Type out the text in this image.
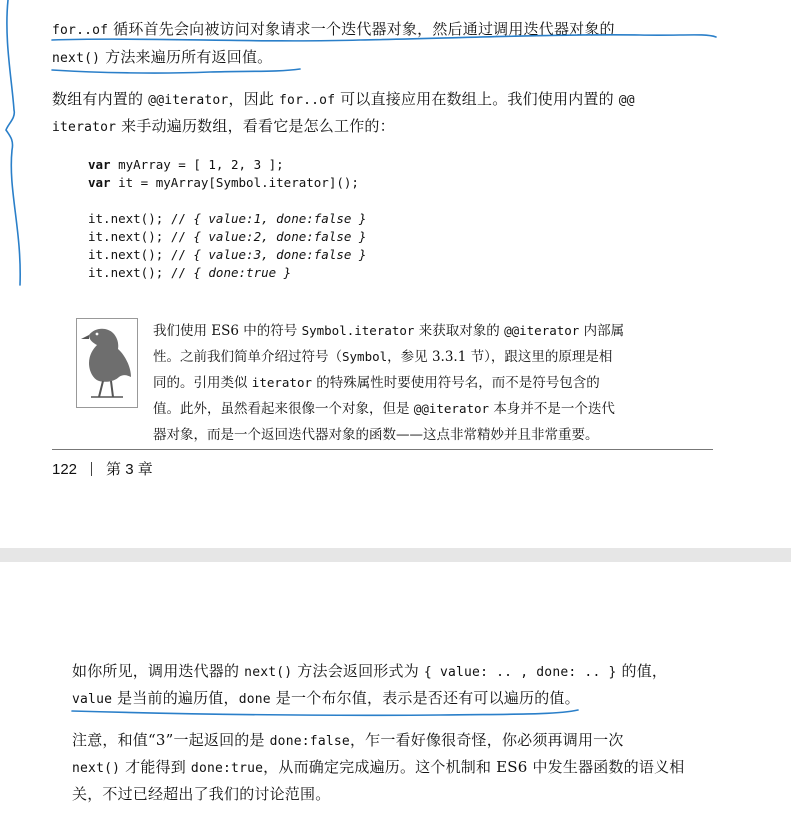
for..of 循环首先会向被访问对象请求一个迭代器对象，然后通过调用迭代器对象的
next() 方法来遍历所有返回值。
数组有内置的 @@iterator，因此 for..of 可以直接应用在数组上。我们使用内置的 @@
iterator 来手动遍历数组，看看它是怎么工作的：
var myArray = [ 1, 2, 3 ];
var it = myArray[Symbol.iterator]();
it.next(); // { value:1, done:false }
it.next(); // { value:2, done:false }
it.next(); // { value:3, done:false }
it.next(); // { done:true }
我们使用 ES6 中的符号 Symbol.iterator 来获取对象的 @@iterator 内部属
性。之前我们简单介绍过符号（Symbol，参见 3.3.1 节），跟这里的原理是相
同的。引用类似 iterator 的特殊属性时要使用符号名，而不是符号包含的
值。此外，虽然看起来很像一个对象，但是 @@iterator 本身并不是一个迭代
器对象，而是一个返回迭代器对象的函数——这点非常精妙并且非常重要。
122 第 3 章
如你所见，调用迭代器的 next() 方法会返回形式为 { value: .. , done: .. } 的值，
value 是当前的遍历值，done 是一个布尔值，表示是否还有可以遍历的值。
注意，和值“3”一起返回的是 done:false，乍一看好像很奇怪，你必须再调用一次
next() 才能得到 done:true，从而确定完成遍历。这个机制和 ES6 中发生器函数的语义相
关，不过已经超出了我们的讨论范围。
